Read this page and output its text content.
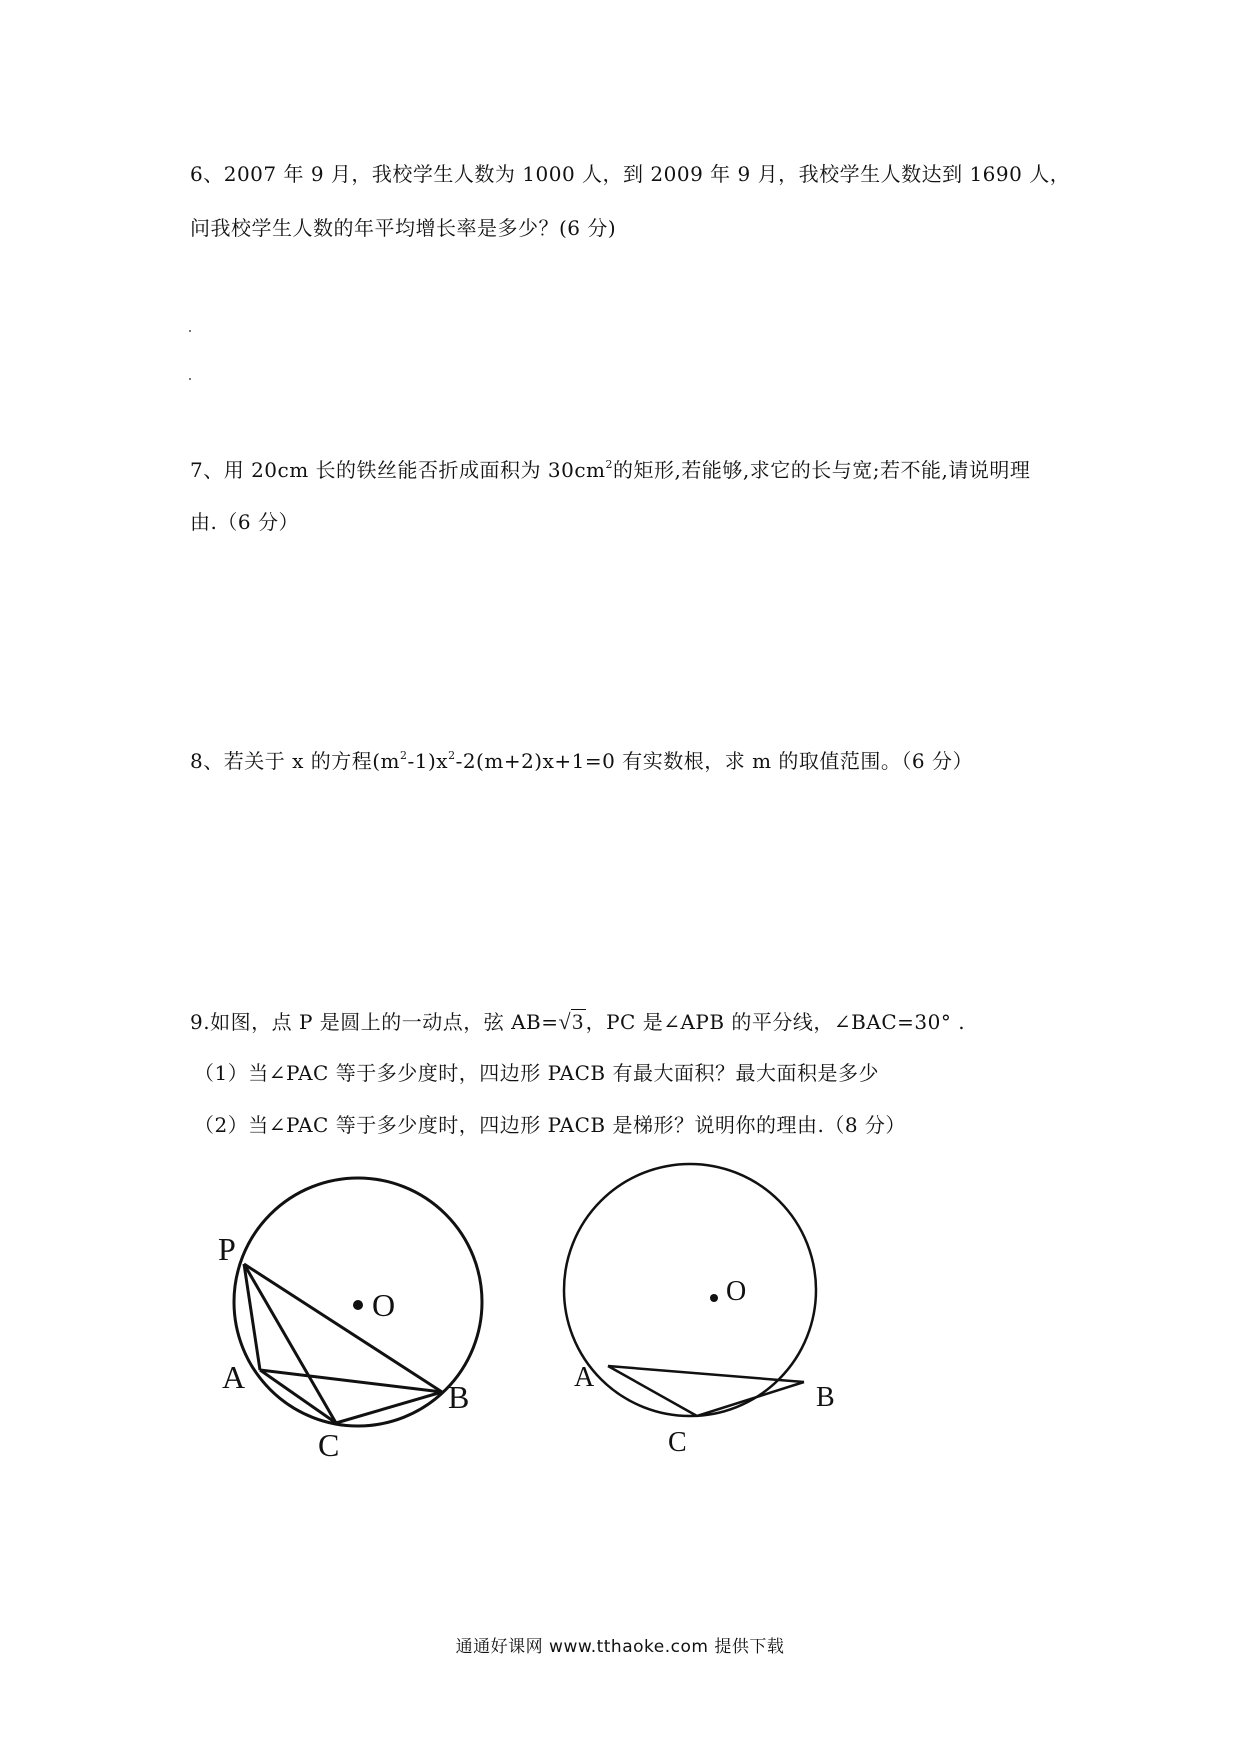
6、2007 年 9 月，我校学生人数为 1000 人，到 2009 年 9 月，我校学生人数达到 1690 人，
问我校学生人数的年平均增长率是多少？(6 分)
7、用 20cm 长的铁丝能否折成面积为 $30cm^2$的矩形,若能够,求它的长与宽;若不能,请说明理
由.（6 分）
8、若关于 x 的方程$(m^2-1)x^2-2(m+2)x+1=0$ 有实数根，求 m 的取值范围。（6 分）
9.如图，点 P 是圆上的一动点，弦 AB=√3 ，PC 是∠APB 的平分线，∠BAC=30° .
（1）当∠PAC 等于多少度时，四边形 PACB 有最大面积？最大面积是多少
（2）当∠PAC 等于多少度时，四边形 PACB 是梯形？说明你的理由.（8 分）
P
O
A
B
C
O
A
B
C
通通好课网 www.tthaoke.com 提供下载
